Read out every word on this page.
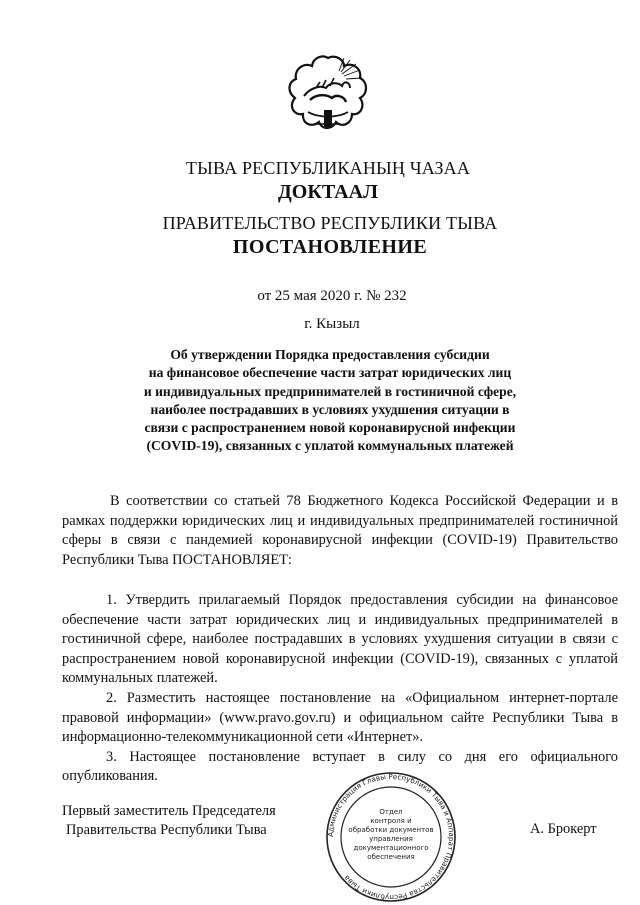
ТЫВА РЕСПУБЛИКАНЫҢ ЧАЗАА
ДОКТААЛ
ПРАВИТЕЛЬСТВО РЕСПУБЛИКИ ТЫВА
ПОСТАНОВЛЕНИЕ
от 25 мая 2020 г. № 232
г. Кызыл
Об утверждении Порядка предоставления субсидии
на финансовое обеспечение части затрат юридических лиц
и индивидуальных предпринимателей в гостиничной сфере,
наиболее пострадавших в условиях ухудшения ситуации в
связи с распространением новой коронавирусной инфекции
(COVID-19), связанных с уплатой коммунальных платежей
В соответствии со статьей 78 Бюджетного Кодекса Российской Федерации и в рамках поддержки юридических лиц и индивидуальных предпринимателей гостиничной сферы в связи с пандемией коронавирусной инфекции (COVID-19) Правительство Республики Тыва ПОСТАНОВЛЯЕТ:

1. Утвердить прилагаемый Порядок предоставления субсидии на финансовое обеспечение части затрат юридических лиц и индивидуальных предпринимателей в гостиничной сфере, наиболее пострадавших в условиях ухудшения ситуации в связи с распространением новой коронавирусной инфекции (COVID-19), связанных с уплатой коммунальных платежей.

2. Разместить настоящее постановление на «Официальном интернет-портале правовой информации» (www.pravo.gov.ru) и официальном сайте Республики Тыва в информационно-телекоммуникационной сети «Интернет».

3. Настоящее постановление вступает в силу со дня его официального опубликования.

Первый заместитель Председателя
Правительства Республики Тыва	А. Брокерт
Администрация Главы Республики Тыва и Аппарат Правительства Республики Тыва
Отдел
контроля и
обработки документов
управления
документационного
обеспечения
